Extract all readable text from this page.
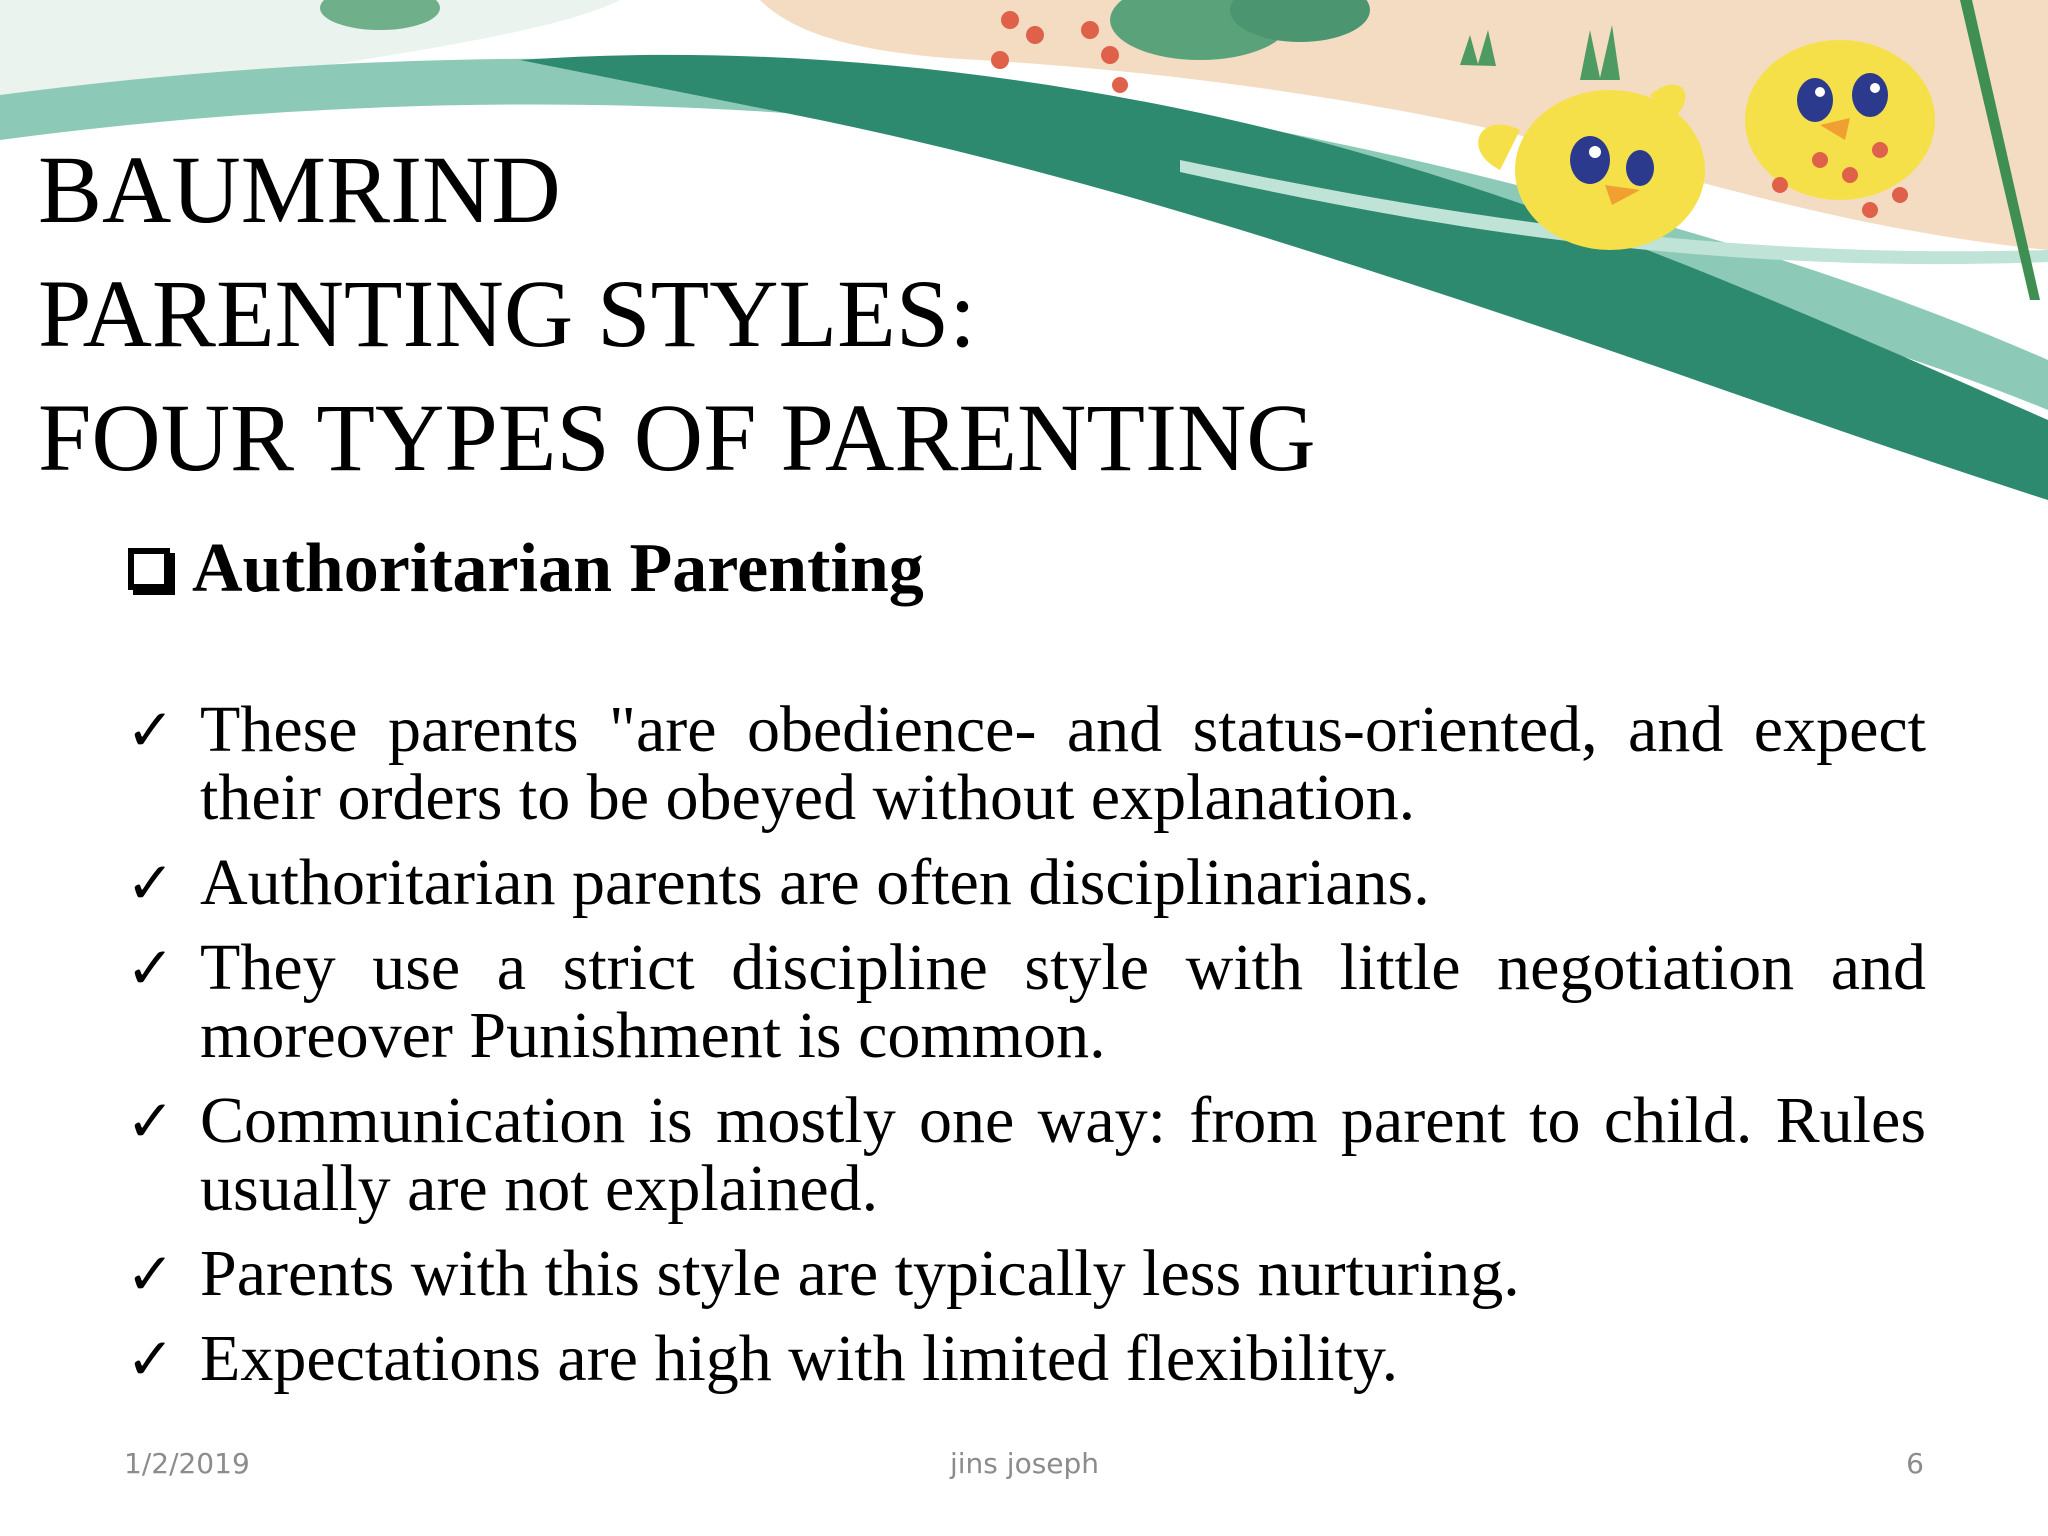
BAUMRIND
PARENTING STYLES:
FOUR TYPES OF PARENTING
Authoritarian Parenting
✓ These parents "are obedience- and status-oriented, and expect their orders to be obeyed without explanation.
✓ Authoritarian parents are often disciplinarians.
✓ They use a strict discipline style with little negotiation and moreover Punishment is common.
✓ Communication is mostly one way: from parent to child. Rules usually are not explained.
✓ Parents with this style are typically less nurturing.
✓ Expectations are high with limited flexibility.
1/2/2019	jins joseph	6
